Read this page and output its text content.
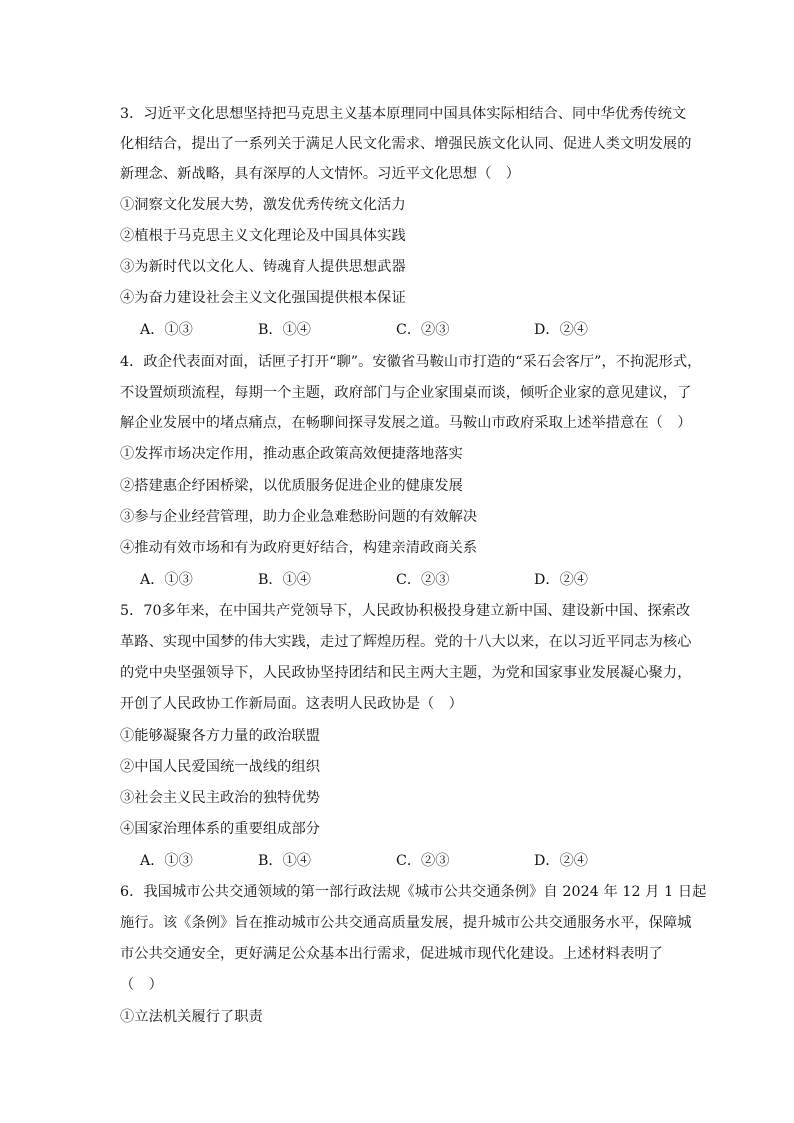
3．习近平文化思想坚持把马克思主义基本原理同中国具体实际相结合、同中华优秀传统文
化相结合，提出了一系列关于满足人民文化需求、增强民族文化认同、促进人类文明发展的
新理念、新战略，具有深厚的人文情怀。习近平文化思想（　）
①洞察文化发展大势，激发优秀传统文化活力
②植根于马克思主义文化理论及中国具体实践
③为新时代以文化人、铸魂育人提供思想武器
④为奋力建设社会主义文化强国提供根本保证
A．①③	B．①④	C．②③	D．②④
4．政企代表面对面，话匣子打开“聊”。安徽省马鞍山市打造的“采石会客厅”，不拘泥形式，
不设置烦琐流程，每期一个主题，政府部门与企业家围桌而谈，倾听企业家的意见建议，了
解企业发展中的堵点痛点，在畅聊间探寻发展之道。马鞍山市政府采取上述举措意在（　）
①发挥市场决定作用，推动惠企政策高效便捷落地落实
②搭建惠企纾困桥梁，以优质服务促进企业的健康发展
③参与企业经营管理，助力企业急难愁盼问题的有效解决
④推动有效市场和有为政府更好结合，构建亲清政商关系
A．①③	B．①④	C．②③	D．②④
5．70多年来，在中国共产党领导下，人民政协积极投身建立新中国、建设新中国、探索改
革路、实现中国梦的伟大实践，走过了辉煌历程。党的十八大以来，在以习近平同志为核心
的党中央坚强领导下，人民政协坚持团结和民主两大主题，为党和国家事业发展凝心聚力，
开创了人民政协工作新局面。这表明人民政协是（　）
①能够凝聚各方力量的政治联盟
②中国人民爱国统一战线的组织
③社会主义民主政治的独特优势
④国家治理体系的重要组成部分
A．①③	B．①④	C．②③	D．②④
6．我国城市公共交通领域的第一部行政法规《城市公共交通条例》自 2024 年 12 月 1 日起
施行。该《条例》旨在推动城市公共交通高质量发展，提升城市公共交通服务水平，保障城
市公共交通安全，更好满足公众基本出行需求，促进城市现代化建设。上述材料表明了
（　）
①立法机关履行了职责
